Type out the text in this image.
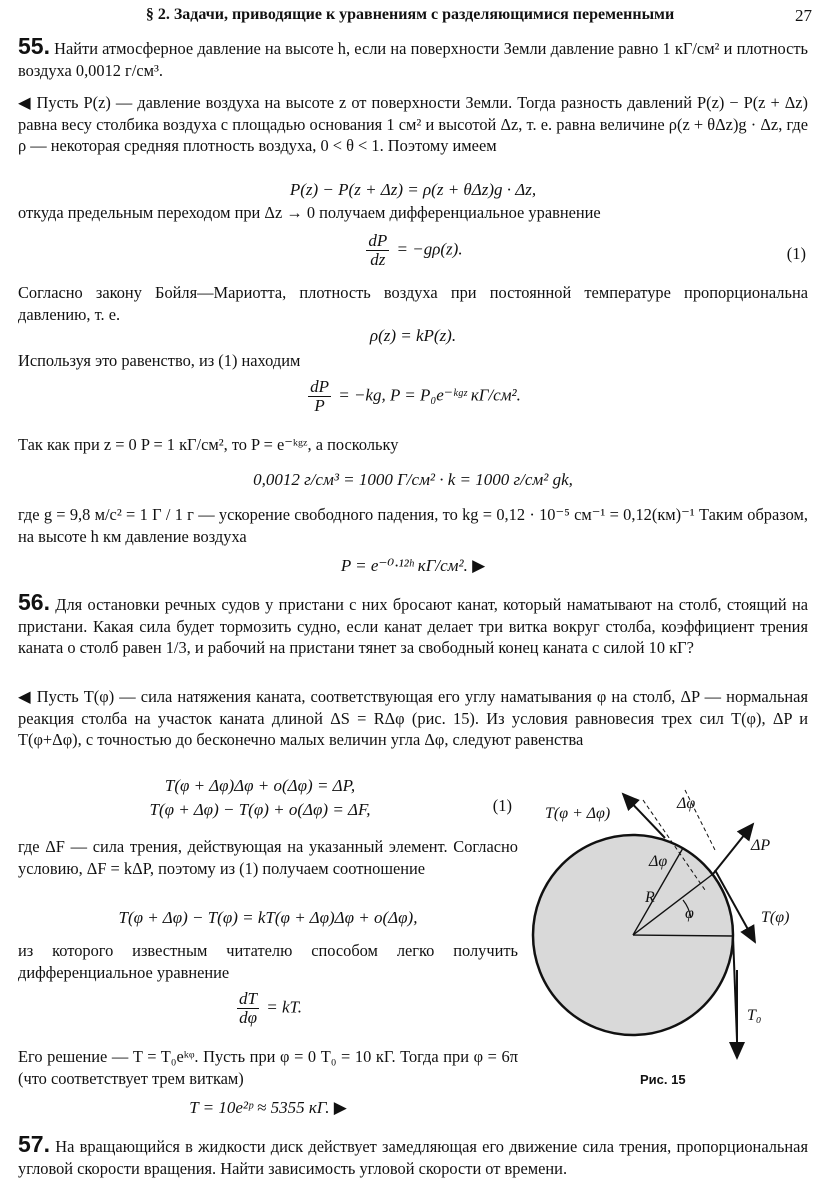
§ 2. Задачи, приводящие к уравнениям с разделяющимися переменными	27
55. Найти атмосферное давление на высоте h, если на поверхности Земли давление равно 1 кГ/см² и плотность воздуха 0,0012 г/см³.
◀ Пусть P(z) — давление воздуха на высоте z от поверхности Земли. Тогда разность давлений P(z) − P(z + Δz) равна весу столбика воздуха с площадью основания 1 см² и высотой Δz, т. е. равна величине ρ(z + θΔz)g · Δz, где ρ — некоторая средняя плотность воздуха, 0 < θ < 1. Поэтому имеем
P(z) − P(z + Δz) = ρ(z + θΔz)g · Δz,
откуда предельным переходом при Δz → 0 получаем дифференциальное уравнение
$\frac{dP}{dz} = -g\rho(z)$.	(1)
Согласно закону Бойля—Мариотта, плотность воздуха при постоянной температуре пропорциональна давлению, т. е.
ρ(z) = kP(z).
Используя это равенство, из (1) находим
$\frac{dP}{P} = -kg$, P = P₀e⁻ᵏᵍᶻ кГ/см².
Так как при z = 0 P = 1 кГ/см², то P = e⁻ᵏᵍᶻ, а поскольку
0,0012 г/см³ = 1000 Г/см² · k = 1000 г/см² gk,
где g = 9,8 м/с² = 1 Г / 1 г — ускорение свободного падения, то kg = 0,12 · 10⁻⁵ см⁻¹ = 0,12(км)⁻¹ Таким образом, на высоте h км давление воздуха
P = e⁻⁰·¹²ʰ кГ/см². ▶
56. Для остановки речных судов у пристани с них бросают канат, который наматывают на столб, стоящий на пристани. Какая сила будет тормозить судно, если канат делает три витка вокруг столба, коэффициент трения каната о столб равен 1/3, и рабочий на пристани тянет за свободный конец каната с силой 10 кГ?
◀ Пусть T(φ) — сила натяжения каната, соответствующая его углу наматывания φ на столб, ΔP — нормальная реакция столба на участок каната длиной ΔS = RΔφ (рис. 15). Из условия равновесия трех сил T(φ), ΔP и T(φ+Δφ), с точностью до бесконечно малых величин угла Δφ, следуют равенства
T(φ + Δφ)Δφ + o(Δφ) = ΔP,
T(φ + Δφ) − T(φ) + o(Δφ) = ΔF,	(1)
где ΔF — сила трения, действующая на указанный элемент. Согласно условию, ΔF = kΔP, поэтому из (1) получаем соотношение
T(φ + Δφ) − T(φ) = kT(φ + Δφ)Δφ + o(Δφ),
из которого известным читателю способом легко получить дифференциальное уравнение
$\frac{dT}{d\varphi}$ = kT.
Его решение — T = T₀eᵏᵠ. Пусть при φ = 0 T₀ = 10 кГ. Тогда при φ = 6π (что соответствует трем виткам)
T = 10e²ᵖ ≈ 5355 кГ. ▶
T(φ + Δφ)
Δφ
ΔP
Δφ
R
φ	T(φ)
T₀
Рис. 15
57. На вращающийся в жидкости диск действует замедляющая его движение сила трения, пропорциональная угловой скорости вращения. Найти зависимость угловой скорости от времени.
